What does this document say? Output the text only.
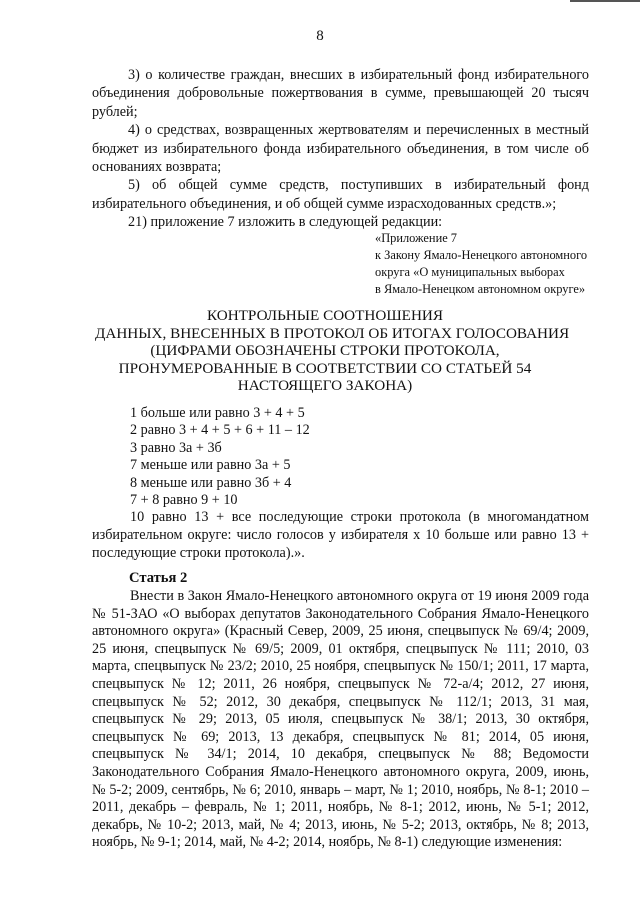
8

3) о количестве граждан, внесших в избирательный фонд избирательного объединения добровольные пожертвования в сумме, превышающей 20 тысяч рублей;

4) о средствах, возвращенных жертвователям и перечисленных в местный бюджет из избирательного фонда избирательного объединения, в том числе об основаниях возврата;

5) об общей сумме средств, поступивших в избирательный фонд избирательного объединения, и об общей сумме израсходованных средств.»;

21) приложение 7 изложить в следующей редакции:

«Приложение 7
к Закону Ямало-Ненецкого автономного
округа «О муниципальных выборах
в Ямало-Ненецком автономном округе»
КОНТРОЛЬНЫЕ СООТНОШЕНИЯ
ДАННЫХ, ВНЕСЕННЫХ В ПРОТОКОЛ ОБ ИТОГАХ ГОЛОСОВАНИЯ
(ЦИФРАМИ ОБОЗНАЧЕНЫ СТРОКИ ПРОТОКОЛА,
ПРОНУМЕРОВАННЫЕ В СООТВЕТСТВИИ СО СТАТЬЕЙ 54
НАСТОЯЩЕГО ЗАКОНА)
1 больше или равно 3 + 4 + 5
2 равно 3 + 4 + 5 + 6 + 11 – 12
3 равно 3а + 3б
7 меньше или равно 3а + 5
8 меньше или равно 3б + 4
7 + 8 равно 9 + 10
10 равно 13 + все последующие строки протокола (в многомандатном избирательном округе: число голосов у избирателя х 10 больше или равно 13 + последующие строки протокола).».
Статья 2

Внести в Закон Ямало-Ненецкого автономного округа от 19 июня 2009 года № 51-ЗАО «О выборах депутатов Законодательного Собрания Ямало-Ненецкого автономного округа» (Красный Север, 2009, 25 июня, спецвыпуск № 69/4; 2009, 25 июня, спецвыпуск № 69/5; 2009, 01 октября, спецвыпуск № 111; 2010, 03 марта, спецвыпуск № 23/2; 2010, 25 ноября, спецвыпуск № 150/1; 2011, 17 марта, спецвыпуск № 12; 2011, 26 ноября, спецвыпуск № 72-а/4; 2012, 27 июня, спецвыпуск № 52; 2012, 30 декабря, спецвыпуск № 112/1; 2013, 31 мая, спецвыпуск № 29; 2013, 05 июля, спецвыпуск № 38/1; 2013, 30 октября, спецвыпуск № 69; 2013, 13 декабря, спецвыпуск № 81; 2014, 05 июня, спецвыпуск № 34/1; 2014, 10 декабря, спецвыпуск № 88; Ведомости Законодательного Собрания Ямало-Ненецкого автономного округа, 2009, июнь, № 5-2; 2009, сентябрь, № 6; 2010, январь – март, № 1; 2010, ноябрь, № 8-1; 2010 – 2011, декабрь – февраль, № 1; 2011, ноябрь, № 8-1; 2012, июнь, № 5-1; 2012, декабрь, № 10-2; 2013, май, № 4; 2013, июнь, № 5-2; 2013, октябрь, № 8; 2013, ноябрь, № 9-1; 2014, май, № 4-2; 2014, ноябрь, № 8-1) следующие изменения:
